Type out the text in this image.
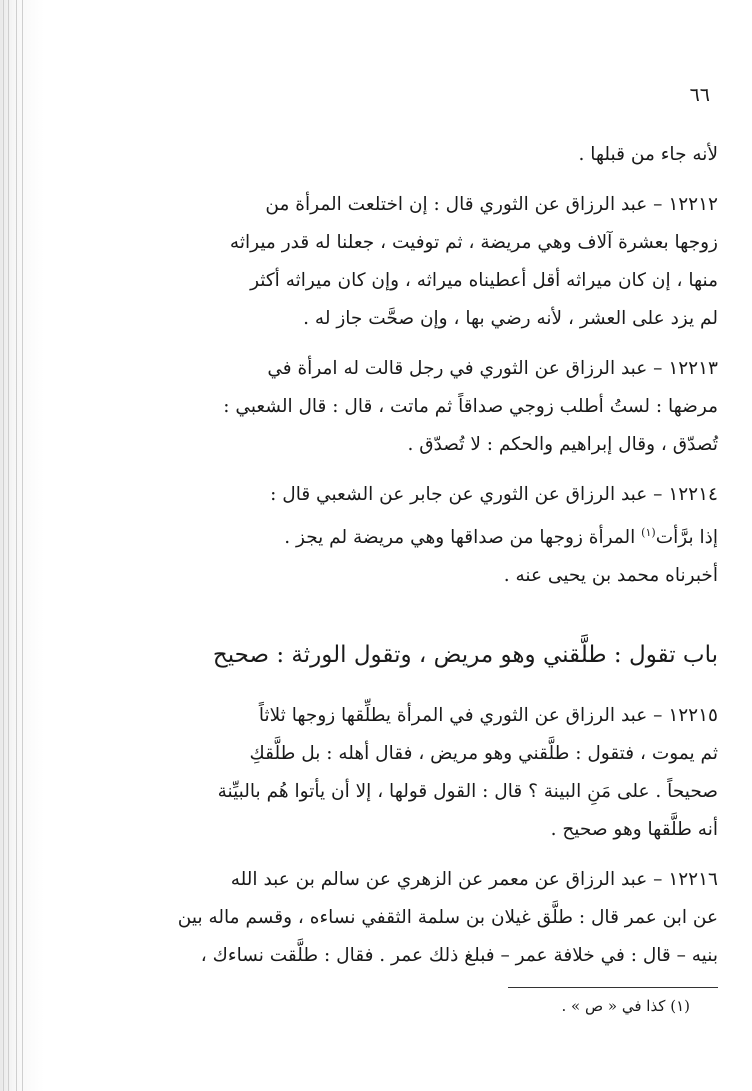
٦٦

لأنه جاء من قبلها .

١٢٢١٢ – عبد الرزاق عن الثوري قال : إن اختلعت المرأة من

زوجها بعشرة آلاف وهي مريضة ، ثم توفيت ، جعلنا له قدر ميراثه

منها ، إن كان ميراثه أقل أعطيناه ميراثه ، وإن كان ميراثه أكثر

لم يزد على العشر ، لأنه رضي بها ، وإن صحَّت جاز له .

١٢٢١٣ – عبد الرزاق عن الثوري في رجل قالت له امرأة في

مرضها : لستُ أطلب زوجي صداقاً ثم ماتت ، قال : قال الشعبي :

تُصدّق ، وقال إبراهيم والحكم : لا تُصدّق .

١٢٢١٤ – عبد الرزاق عن الثوري عن جابر عن الشعبي قال :

إذا برَّأت$^{(١)}$ المرأة زوجها من صداقها وهي مريضة لم يجز .

أخبرناه محمد بن يحيى عنه .

باب تقول : طلَّقني وهو مريض ، وتقول الورثة : صحيح

١٢٢١٥ – عبد الرزاق عن الثوري في المرأة يطلِّقها زوجها ثلاثاً

ثم يموت ، فتقول : طلَّقني وهو مريض ، فقال أهله : بل طلَّقكِ

صحيحاً . على مَنِ البينة ؟ قال : القول قولها ، إلا أن يأتوا هُم بالبيِّنة

أنه طلَّقها وهو صحيح .

١٢٢١٦ – عبد الرزاق عن معمر عن الزهري عن سالم بن عبد الله

عن ابن عمر قال : طلَّق غيلان بن سلمة الثقفي نساءه ، وقسم ماله بين

بنيه – قال : في خلافة عمر – فبلغ ذلك عمر . فقال : طلَّقت نساءك ،

(١) كذا في « ص » .
